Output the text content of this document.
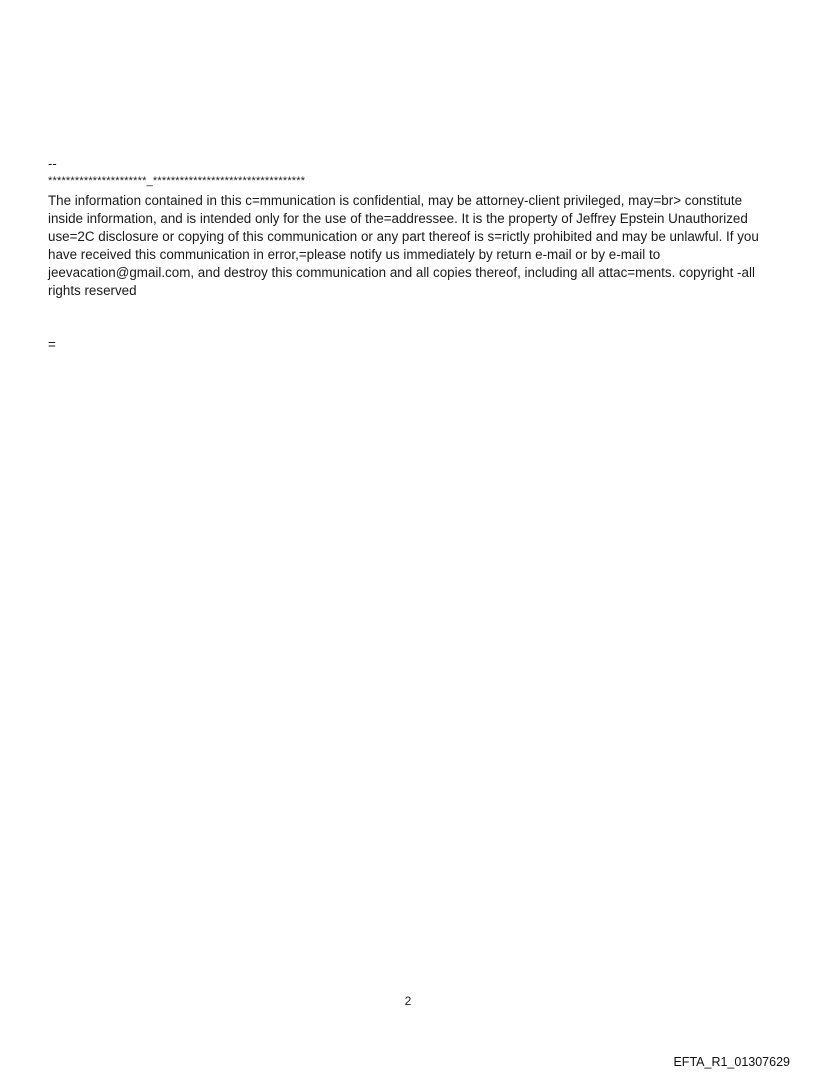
--
**********************_**********************************

The information contained in this c=mmunication is confidential, may be attorney-client privileged, may=br> constitute

inside information, and is intended only for the use of the=addressee. It is the property of Jeffrey Epstein Unauthorized

use=2C disclosure or copying of this communication or any part thereof is s=rictly prohibited and may be unlawful. If you

have received this communication in error,=please notify us immediately by return e-mail or by e-mail to

jeevacation@gmail.com, and destroy this communication and all copies thereof, including all attac=ments. copyright -all

rights reserved

=
2
EFTA_R1_01307629
